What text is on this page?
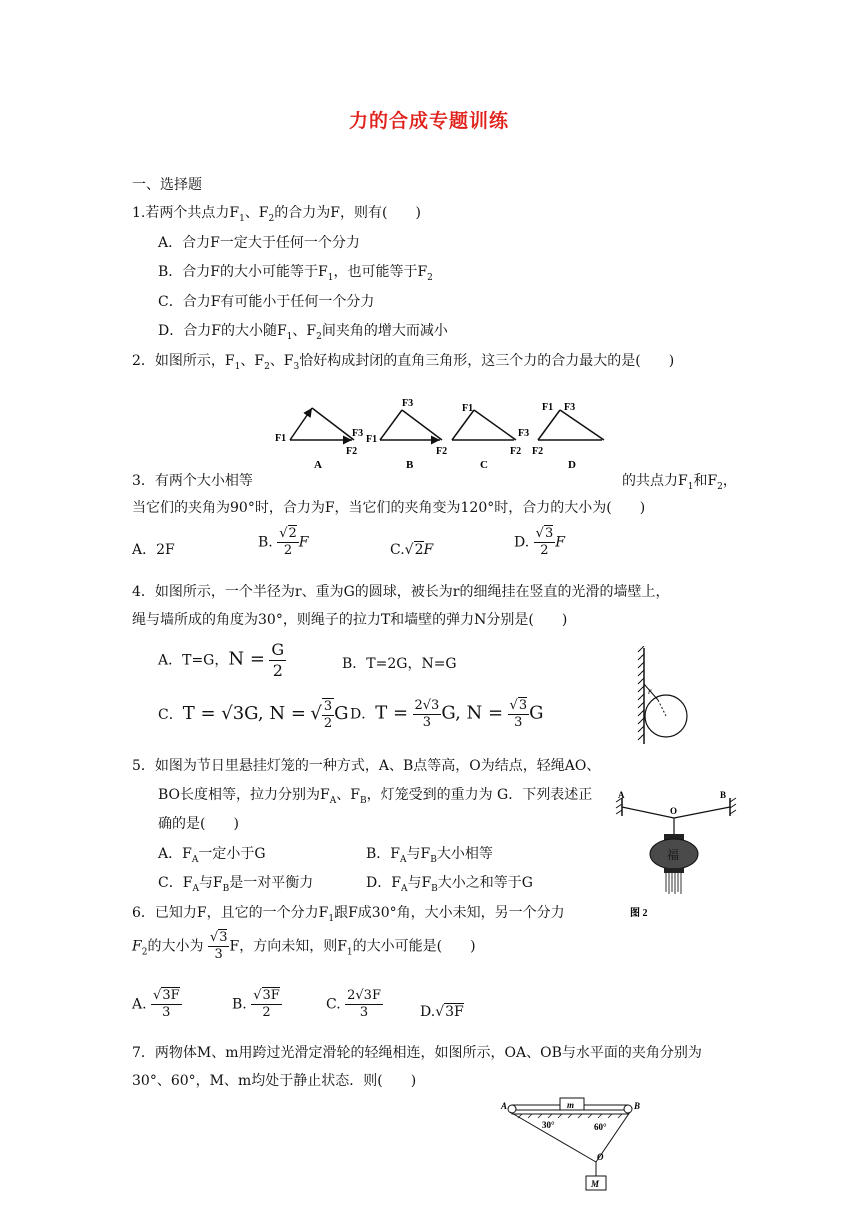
力的合成专题训练
一、选择题
1.若两个共点力$F_1$、$F_2$的合力为F，则有(　　)
A．合力F一定大于任何一个分力
B．合力F的大小可能等于$F_1$，也可能等于$F_2$
C．合力F有可能小于任何一个分力
D．合力F的大小随$F_1$、$F_2$间夹角的增大而减小
2．如图所示，$F_1$、$F_2$、$F_3$恰好构成封闭的直角三角形，这三个力的合力最大的是(　　)
F1	F3
F2
A
F1
F3
F2
B
F1
F3
F2
C
F1 F3
F2
D
3．有两个大小相等	的共点力$F_1$和$F_2$，
当它们的夹角为90°时，合力为F，当它们的夹角变为120°时，合力的大小为(　　)
A．2F	B. $\frac{√2}{2}$ F	C.√2F	D. $\frac{√3}{2}$ F
4．如图所示，一个半径为r、重为G的圆球，被长为r的细绳挂在竖直的光滑的墙壁上，
绳与墙所成的角度为30°，则绳子的拉力T和墙壁的弹力N分别是(　　)
A．T=G，$N = \frac{G}{2}$	B．T=2G，N=G
C．T = √3G, N = √ $\frac{3}{2}$ G D．$T = \frac{2√3}{3} G$, $N = \frac{√3}{3}$ G
r
5．如图为节日里悬挂灯笼的一种方式，A、B点等高，O为结点，轻绳AO、
BO长度相等，拉力分别为$F_A$、$F_B$，灯笼受到的重力为 G．下列表述正
确的是(　　)
A．$F_A$一定小于G	B．$F_A$与$F_B$大小相等
C．$F_A$与$F_B$是一对平衡力	D．$F_A$与$F_B$大小之和等于G
A	B
O
福
图 2
6．已知力F，且它的一个分力$F_1$跟F成30°角，大小未知，另一个分力
$F_2$的大小为 $\frac{√3}{3}$ F，方向未知，则$F_1$的大小可能是(　　)
A. $\frac{√3F}{3}$	B. $\frac{√3F}{2}$	C. $\frac{2√3F}{3}$	D.√3F
7．两物体M、m用跨过光滑定滑轮的轻绳相连，如图所示，OA、OB与水平面的夹角分别为
30°、60°，M、m均处于静止状态．则(　　)
m
M
A	B
O
30°	60°
